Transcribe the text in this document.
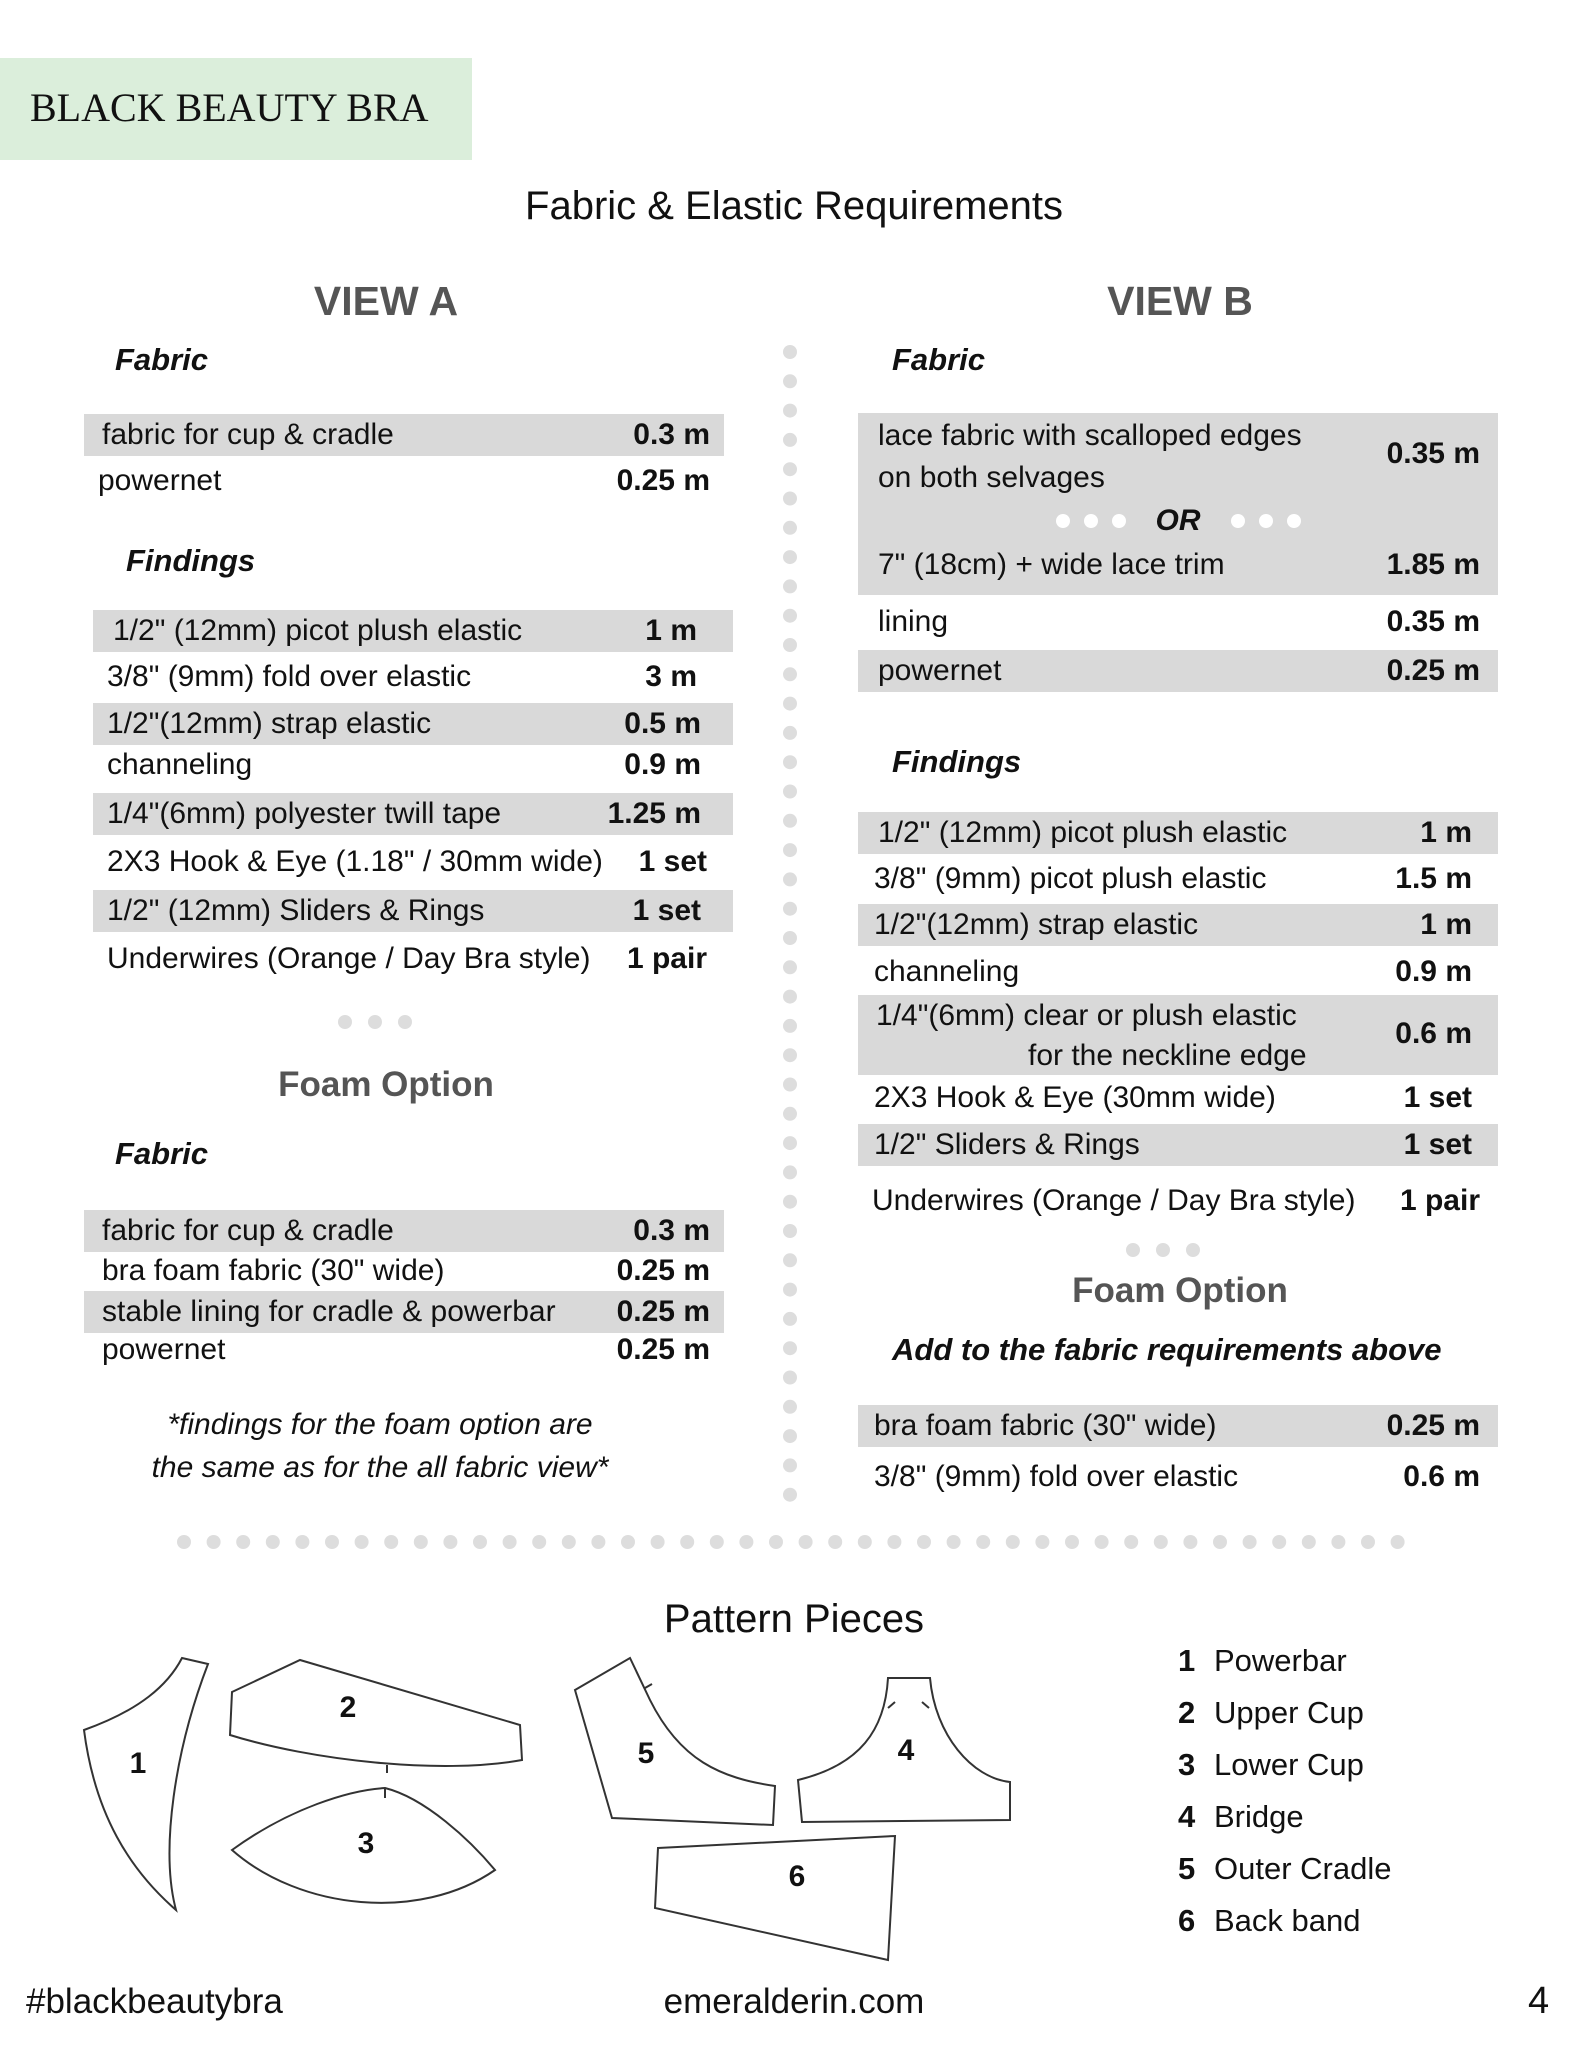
BLACK BEAUTY BRA
Fabric & Elastic Requirements
VIEW A
Fabric
fabric for cup & cradle	0.3 m
powernet	0.25 m
Findings
1/2" (12mm) picot plush elastic	1 m
3/8" (9mm) fold over elastic	3 m
1/2"(12mm) strap elastic	0.5 m
channeling	0.9 m
1/4"(6mm) polyester twill tape	1.25 m
2X3 Hook & Eye (1.18" / 30mm wide) 1 set
1/2" (12mm) Sliders & Rings	1 set
Underwires (Orange / Day Bra style) 1 pair
Foam Option
Fabric
fabric for cup & cradle	0.3 m
bra foam fabric (30" wide)	0.25 m
stable lining for cradle & powerbar 0.25 m
powernet	0.25 m
*findings for the foam option are
the same as for the all fabric view*
VIEW B
Fabric
lace fabric with scalloped edges
on both selvages
0.35 m
OR
7" (18cm) + wide lace trim	1.85 m
lining	0.35 m
powernet	0.25 m
Findings
1/2" (12mm) picot plush elastic	1 m
3/8" (9mm) picot plush elastic	1.5 m
1/2"(12mm) strap elastic	1 m
channeling	0.9 m
1/4"(6mm) clear or plush elastic
for the neckline edge
0.6 m
2X3 Hook & Eye (30mm wide)	1 set
1/2" Sliders & Rings	1 set
Underwires (Orange / Day Bra style) 1 pair
Foam Option
Add to the fabric requirements above
bra foam fabric (30" wide)	0.25 m
3/8" (9mm) fold over elastic	0.6 m
Pattern Pieces
1
2
3
4
5
6
1 Powerbar
2 Upper Cup
3 Lower Cup
4 Bridge
5 Outer Cradle
6 Back band
#blackbeautybra	emeralderin.com	4
